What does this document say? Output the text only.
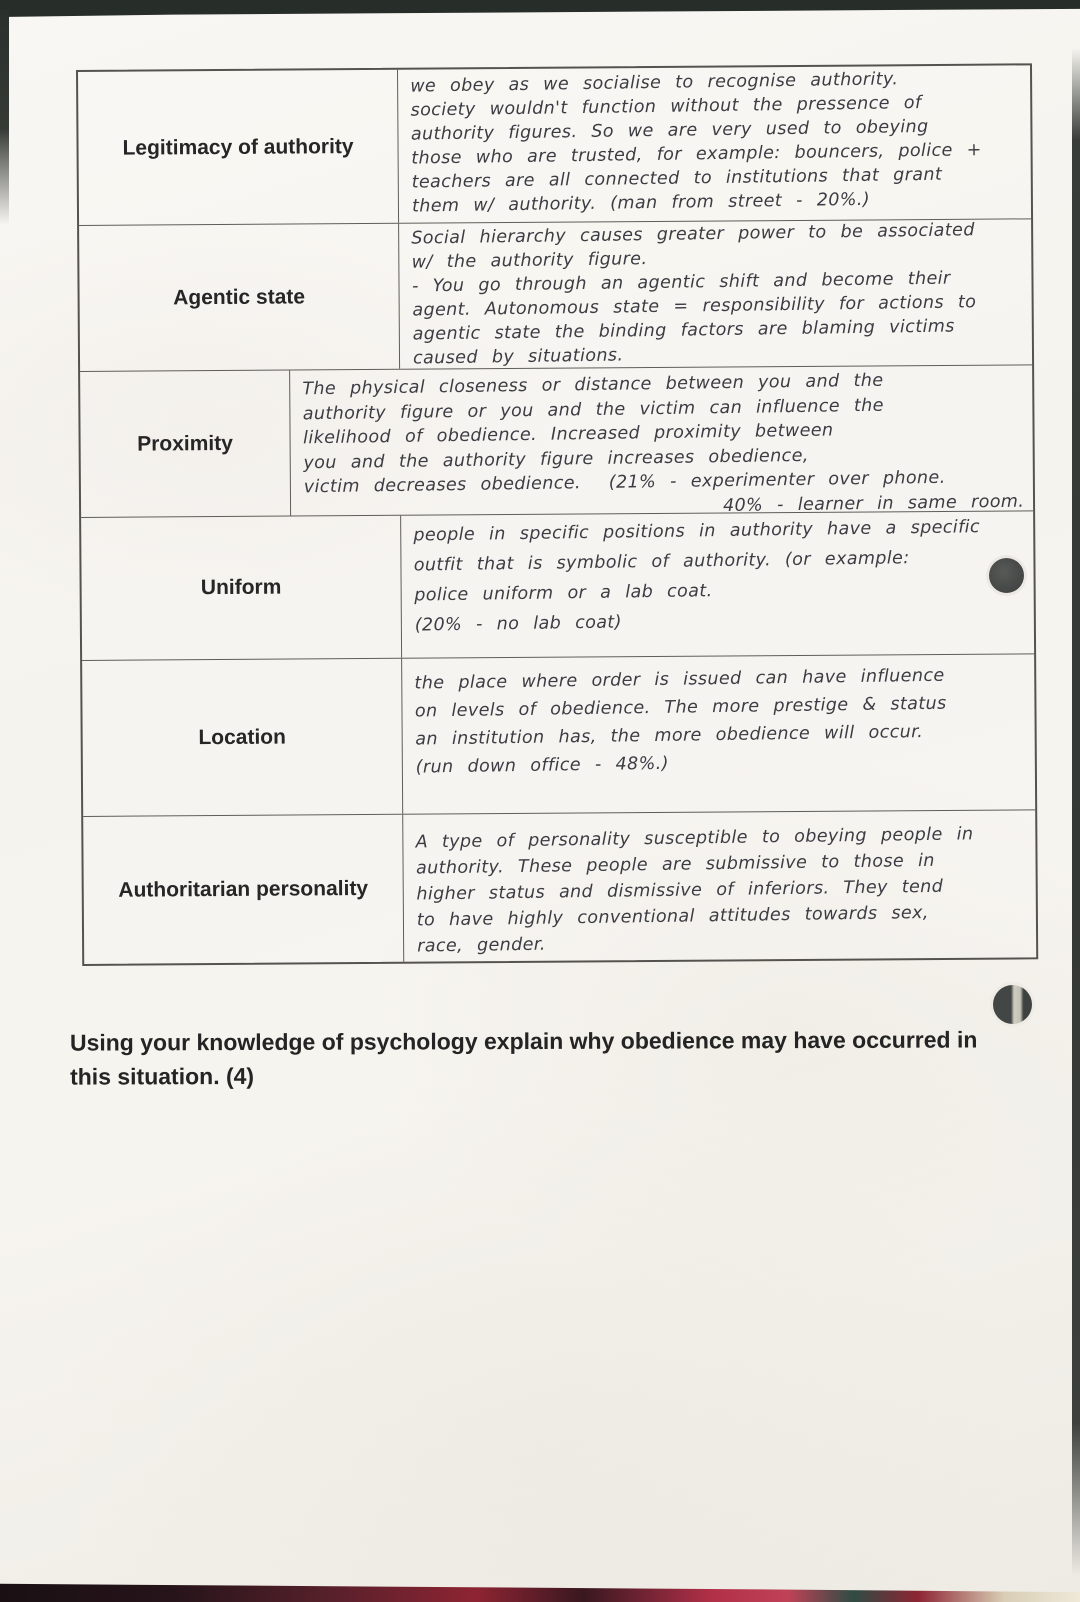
Legitimacy of authority
we obey as we socialise to recognise authority.
society wouldn't function without the pressence of
authority figures. So we are very used to obeying
those who are trusted, for example: bouncers, police +
teachers are all connected to institutions that grant
them w/ authority. (man from street - 20%.)
Agentic state
Social hierarchy causes greater power to be associated
w/ the authority figure.
- You go through an agentic shift and become their
agent. Autonomous state = responsibility for actions to
agentic state the binding factors are blaming victims
caused by situations.
Proximity
The physical closeness or distance between you and the
authority figure or you and the victim can influence the
likelihood of obedience. Increased proximity between
you and the authority figure increases obedience,
victim decreases obedience.  (21% - experimenter over phone.
40% - learner in same room.
Uniform
people in specific positions in authority have a specific
outfit that is symbolic of authority. (or example:
police uniform or a lab coat.
(20% - no lab coat)
Location
the place where order is issued can have influence
on levels of obedience. The more prestige & status
an institution has, the more obedience will occur.
(run down office - 48%.)
Authoritarian personality
A type of personality susceptible to obeying people in
authority. These people are submissive to those in
higher status and dismissive of inferiors. They tend
to have highly conventional attitudes towards sex,
race, gender.
Using your knowledge of psychology explain why obedience may have occurred in this situation. (4)
